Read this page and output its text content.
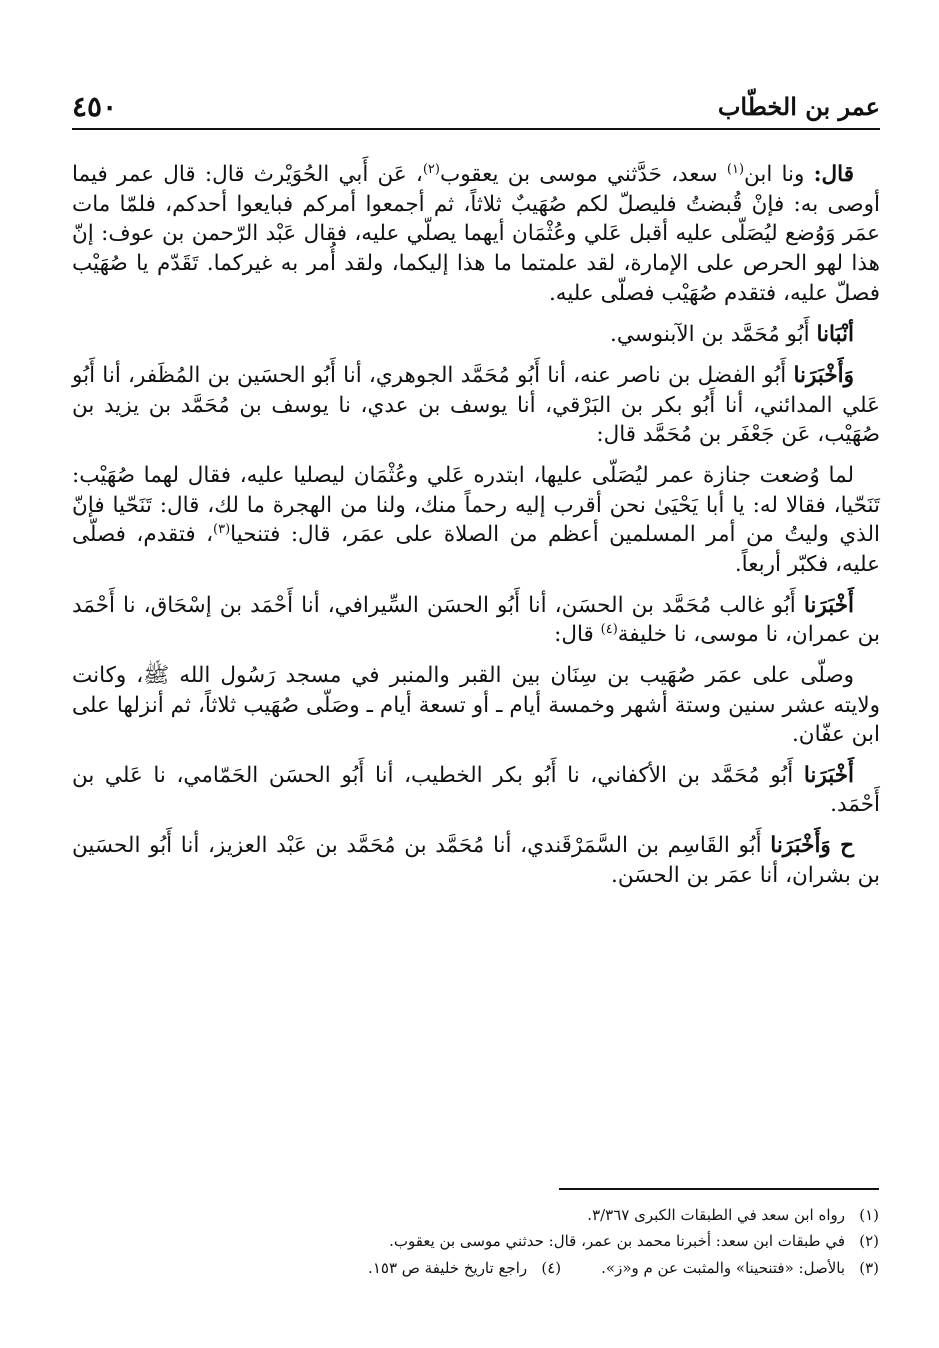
٤٥٠	عمر بن الخطّاب

قال: ونا ابن$^{(١)}$ سعد، حَدَّثني موسى بن يعقوب$^{(٢)}$، عَن أَبي الحُوَيْرث قال: قال عمر فيما أوصى به: فإنْ قُبضتُ فليصلّ لكم صُهَيبٌ ثلاثاً، ثم أجمعوا أمركم فبايعوا أحدكم، فلمّا مات عمَر وَوُضع ليُصَلّى عليه أقبل عَلي وعُثْمَان أيهما يصلّي عليه، فقال عَبْد الرّحمن بن عوف: إنّ هذا لهو الحرص على الإمارة، لقد علمتما ما هذا إليكما، ولقد أُمر به غيركما. تَقَدّم يا صُهَيْب فصلّ عليه، فتقدم صُهَيْب فصلّى عليه.

أنْبَانا أَبُو مُحَمَّد بن الآبنوسي.

وَأَخْبَرَنا أَبُو الفضل بن ناصر عنه، أنا أَبُو مُحَمَّد الجوهري، أنا أَبُو الحسَين بن المُظَفر، أنا أَبُو عَلي المدائني، أنا أَبُو بكر بن البَرْقي، أنا يوسف بن عدي، نا يوسف بن مُحَمَّد بن يزيد بن صُهَيْب، عَن جَعْفَر بن مُحَمَّد قال:

لما وُضعت جنازة عمر ليُصَلّى عليها، ابتدره عَلي وعُثْمَان ليصليا عليه، فقال لهما صُهَيْب: تَنَحّيا، فقالا له: يا أبا يَحْيَىٰ نحن أقرب إليه رحماً منك، ولنا من الهجرة ما لك، قال: تَنَحّيا فإنّ الذي وليتُ من أمر المسلمين أعظم من الصلاة على عمَر، قال: فتنحيا$^{(٣)}$، فتقدم، فصلّى عليه، فكبّر أربعاً.

أَخْبَرَنا أَبُو غالب مُحَمَّد بن الحسَن، أنا أَبُو الحسَن السِّيرافي، أنا أَحْمَد بن إسْحَاق، نا أَحْمَد بن عمران، نا موسى، نا خليفة$^{(٤)}$ قال:

وصلّى على عمَر صُهَيب بن سِنَان بين القبر والمنبر في مسجد رَسُول الله ﷺ، وكانت ولايته عشر سنين وستة أشهر وخمسة أيام ـ أو تسعة أيام ـ وصَلّى صُهَيب ثلاثاً، ثم أنزلها على ابن عفّان.

أَخْبَرَنا أَبُو مُحَمَّد بن الأكفاني، نا أَبُو بكر الخطيب، أنا أَبُو الحسَن الحَمّامي، نا عَلي بن أَحْمَد.

ح وَأَخْبَرَنا أَبُو القَاسِم بن السَّمَرْقَندي، أنا مُحَمَّد بن مُحَمَّد بن عَبْد العزيز، أنا أَبُو الحسَين بن بشران، أنا عمَر بن الحسَن.

(١)رواه ابن سعد في الطبقات الكبرى ٣/٣٦٧.

(٢)في طبقات ابن سعد: أخبرنا محمد بن عمر، قال: حدثني موسى بن يعقوب.

(٣)بالأصل: «فتنحينا» والمثبت عن م و«ز».(٤)راجع تاريخ خليفة ص ١٥٣.
